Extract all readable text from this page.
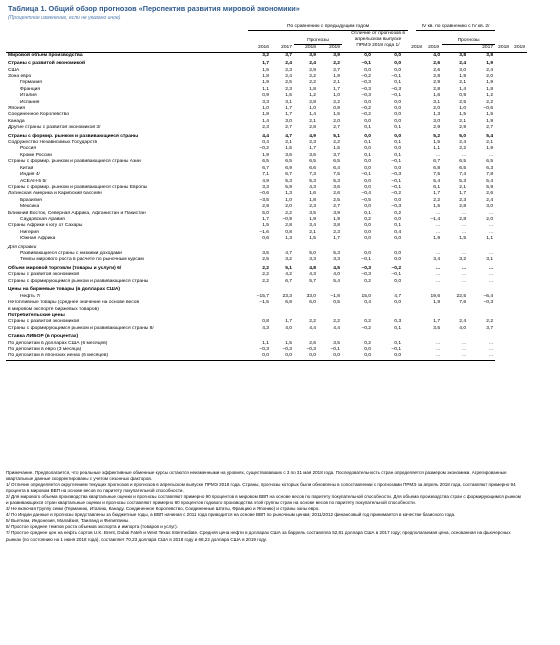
Таблица 1. Общий обзор прогнозов «Перспектив развития мировой экономики»
(Процентное изменение, если не указано иное)
	По сравнению с предыдущим годом								IV кв. по сравнению с IV кв. 2/				
						Отличие от прогнозов в апрельском выпуске ПРМЭ 2018 года 1/							
			Прогнозы							Прогнозы			
	2016	2017	2018	2019				2018 2019			2017	2018	2019
Мировой объем производства	3,2	3,7	3,9	3,9		0,0	0,0		4,0	3,8	3,8		
Страны с развитой экономикой	1,7	2,4	2,4	2,2		–0,1	0,0		2,6	2,4	1,9		
США	1,5	2,3	2,9	2,7		0,0	0,0		2,6	3,0	2,4		
Зона евро	1,8	2,4	2,2	1,9		–0,2	–0,1		2,8	1,9	2,0		
Германия	1,9	2,5	2,2	2,1		–0,3	0,1		2,9	2,1	1,9		
Франция	1,1	2,3	1,8	1,7		–0,3	–0,3		2,8	1,4	1,8		
Италия	0,9	1,5	1,2	1,0		–0,3	–0,1		1,6	0,9	1,2		
Испания	3,3	3,1	2,8	2,2		0,0	0,0		3,1	2,5	2,2		
Япония	1,0	1,7	1,0	0,9		–0,2	0,0		2,0	1,0	–0,6		
Соединенное Королевство	1,8	1,7	1,4	1,5		–0,2	0,0		1,3	1,5	1,5		
Канада	1,4	3,0	2,1	2,0		0,0	0,0		3,0	2,1	1,9		
Другие страны с развитой экономикой 3/	2,3	2,7	2,8	2,7		0,1	0,1		2,9	2,9	2,7		
Страны с формир. рынком и развивающиеся страны	4,4	4,7	4,9	5,1		0,0	0,0		5,2	5,0	5,4		
Содружество Независимых Государств	0,4	2,1	2,3	2,2		0,1	0,1		1,5	2,4	2,1		
Россия	–0,2	1,5	1,7	1,5		0,0	0,0		1,1	2,2	1,9		
Кроме России	1,9	3,6	3,6	3,7		0,1	0,1		...	...	...		
Страны с формир. рынком и развивающиеся страны Азии	6,5	6,5	6,5	6,5		0,0	–0,1		6,7	6,5	6,5		
Китай	6,7	6,9	6,6	6,4		0,0	0,0		6,8	6,5	6,3		
Индия 4/	7,1	6,7	7,3	7,5		–0,1	–0,3		7,5	7,4	7,8		
АСЕАН-5 5/	4,9	5,3	5,3	5,3		0,0	–0,1		5,4	5,3	5,4		
Страны с формир. рынком и развивающиеся страны Европы	3,3	5,9	4,3	3,6		0,0	–0,1		6,1	2,1	5,9		
Латинская Америка и Карибский бассейн	–0,6	1,3	1,6	2,6		–0,4	–0,2		1,7	1,7	2,6		
Бразилия	–3,5	1,0	1,8	2,5		–0,5	0,0		2,2	2,3	2,4		
Мексика	2,9	2,0	2,3	2,7		0,0	–0,3		1,5	2,8	3,0		
Ближний Восток, Северная Африка, Афганистан и Пакистан	5,0	2,2	3,5	3,9		0,1	0,2		...	...	...		
Саудовская Аравия	1,7	–0,9	1,9	1,9		0,2	0,0		–1,4	2,8	2,0		
Страны Африки к югу от Сахары	1,5	2,8	3,4	3,8		0,0	0,1		...	...	...		
Нигерия	–1,6	0,8	2,1	2,3		0,0	0,4		...	...	...		
Южная Африка	0,6	1,3	1,5	1,7		0,0	0,0		1,9	1,5	1,1		
Для справки													
Развивающиеся страны с низкими доходами	3,5	4,7	5,0	5,3		0,0	0,0		...	...	...		
Темпы мирового роста в расчете по рыночным курсам	2,5	3,2	3,3	3,3		–0,1	0,0		3,4	3,2	3,1		
Объем мировой торговли (товары и услуги) 6/	2,2	5,1	4,8	4,5		–0,3	–0,2		...	...	...		
Страны с развитой экономикой	2,2	4,2	4,3	4,0		–0,3	–0,1		...	...	...		
Страны с формирующимся рынком и развивающиеся страны	2,2	6,7	5,7	5,4		0,2	0,0		...	...	...		
Цены на биржевые товары (в долларах США)													
Нефть 7/	–15,7	23,3	33,0	–1,8		15,0	4,7		19,6	22,5	–6,4		
Нетопливные товары (среднее значение на основе весов	–1,5	6,8	6,0	0,5		0,4	0,0		1,9	7,6	–0,3		
в мировом экспорте биржевых товаров)													
Потребительские цены													
Страны с развитой экономикой	0,8	1,7	2,2	2,2		0,2	0,3		1,7	2,4	2,2		
Страны с формирующимся рынком и развивающиеся страны 8/	4,3	4,0	4,4	4,4		–0,2	0,1		3,5	4,0	3,7		
Ставка ЛИБОР (в процентах)													
По депозитам в долларах США (6 месяцев)	1,1	1,5	2,6	3,5		0,2	0,1		...	...	...		
По депозитам в евро (3 месяца)	–0,3	–0,3	–0,3	–0,1		0,0	–0,1		...	...	...		
По депозитам в японских иенах (6 месяцев)	0,0	0,0	0,0	0,0		0,0	0,0		...	...	...		

Примечание. Предполагается, что реальные эффективные обменные курсы остаются неизменными на уровнях, существовавших с 3 по 31 мая 2018 года. Последовательность стран определяется размером экономики. Агрегированные квартальные данные скорректированы с учетом сезонных факторов.

1/ Отличие определяется округлением текущих прогнозов и прогнозов в апрельском выпуске ПРМЭ 2018 года. Страны, прогнозы которых были обновлены в сопоставлении с прогнозами ПРМЭ за апрель 2018 года, составляют примерно 94 процента в мировом ВВП на основе весов по паритету покупательной способности.

2/ Для мирового объема производства квартальные оценки и прогнозы составляют примерно 90 процентов в мировом ВВП на основе весов по паритету покупательной способности. Для объема производства стран с формирующимся рынком и развивающихся стран квартальные оценки и прогнозы составляют примерно 80 процентов годового производства этой группы стран на основе весов по паритету покупательной способности.

3/ Не включая Группу семи (Германию, Италию, Канаду, Соединенное Королевство, Соединенные Штаты, Францию и Японию) и страны зоны евро.

4/ По Индии данные и прогнозы представлены за бюджетные годы, а ВВП начиная с 2011 года приводится на основе ВВП по рыночным ценам; 2011/2012 финансовый год принимается в качестве базисного года.

5/ Вьетнам, Индонезия, Малайзия, Таиланд и Филиппины.

6/ Простое среднее темпов роста объемов экспорта и импорта (товаров и услуг).

7/ Простое среднее цен на нефть сортов U.K. Brent, Dubai Fateh и West Texas Intermediate. Средняя цена нефти в долларах США за баррель составляла 52,81 доллара США в 2017 году; предполагаемая цена, основанная на фьючерсных рынках (по состоянию на 1 июня 2018 года), составляет 70,23 доллара США в 2018 году и 68,22 доллара США в 2019 году.
